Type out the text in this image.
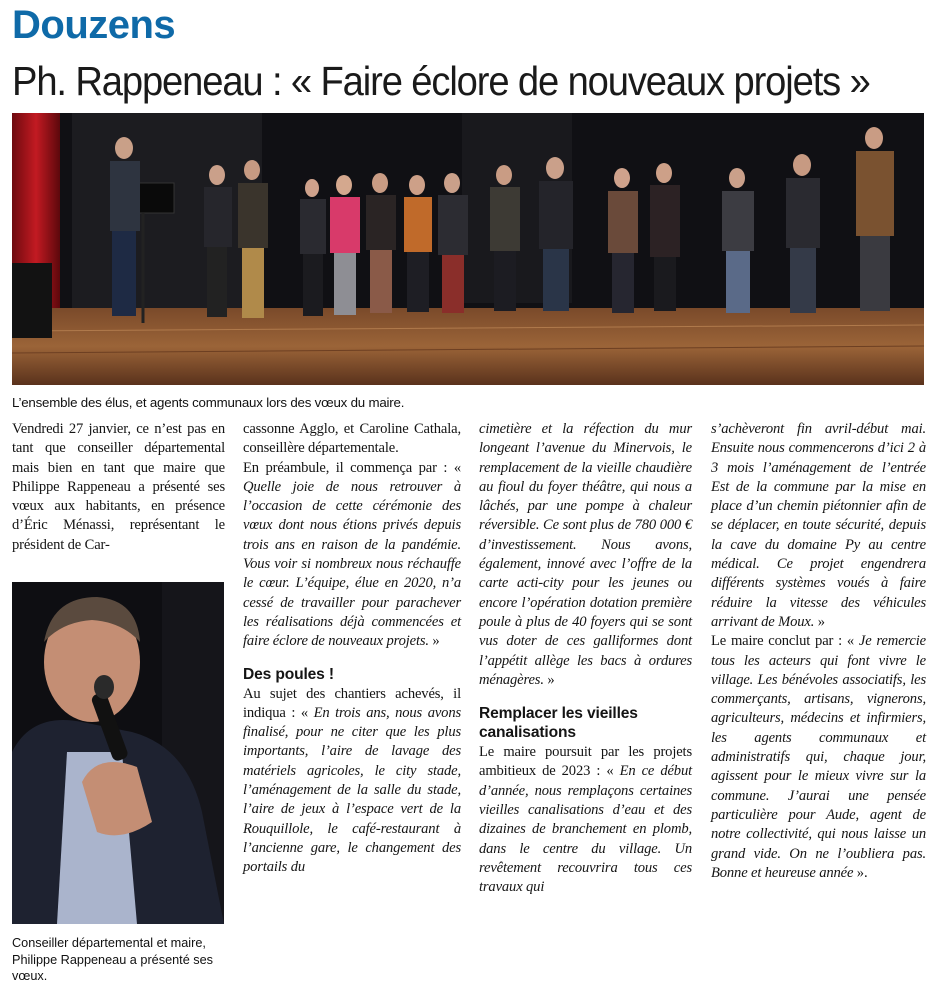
Douzens
Ph. Rappeneau : « Faire éclore de nouveaux projets »
L’ensemble des élus, et agents communaux lors des vœux du maire.

Vendredi 27 janvier, ce n’est pas en tant que conseiller départemental mais bien en tant que maire que Philippe Rappeneau a présenté ses vœux aux habitants, en présence d’Éric Ménassi, représentant le président de Car-

Conseiller départemental et maire, Philippe Rappeneau a présenté ses vœux.

cassonne Agglo, et Caroline Cathala, conseillère départementale.

En préambule, il commença par : « Quelle joie de nous retrouver à l’occasion de cette cérémonie des vœux dont nous étions privés depuis trois ans en raison de la pandémie. Vous voir si nombreux nous réchauffe le cœur. L’équipe, élue en 2020, n’a cessé de travailler pour parachever les réalisations déjà commencées et faire éclore de nouveaux projets. »

Des poules !

Au sujet des chantiers achevés, il indiqua : « En trois ans, nous avons finalisé, pour ne citer que les plus importants, l’aire de lavage des matériels agricoles, le city stade, l’aménagement de la salle du stade, l’aire de jeux à l’espace vert de la Rouquillole, le café-restaurant à l’ancienne gare, le changement des portails du

cimetière et la réfection du mur longeant l’avenue du Minervois, le remplacement de la vieille chaudière au fioul du foyer théâtre, qui nous a lâchés, par une pompe à chaleur réversible. Ce sont plus de 780 000 € d’investissement. Nous avons, également, innové avec l’offre de la carte acti-city pour les jeunes ou encore l’opération dotation première poule à plus de 40 foyers qui se sont vus doter de ces galliformes dont l’appétit allège les bacs à ordures ménagères. »

Remplacer les vieilles canalisations

Le maire poursuit par les projets ambitieux de 2023 : « En ce début d’année, nous remplaçons certaines vieilles canalisations d’eau et des dizaines de branchement en plomb, dans le centre du village. Un revêtement recouvrira tous ces travaux qui

s’achèveront fin avril-début mai. Ensuite nous commencerons d’ici 2 à 3 mois l’aménagement de l’entrée Est de la commune par la mise en place d’un chemin piétonnier afin de se déplacer, en toute sécurité, depuis la cave du domaine Py au centre médical. Ce projet engendrera différents systèmes voués à faire réduire la vitesse des véhicules arrivant de Moux. »

Le maire conclut par : « Je remercie tous les acteurs qui font vivre le village. Les bénévoles associatifs, les commerçants, artisans, vignerons, agriculteurs, médecins et infirmiers, les agents communaux et administratifs qui, chaque jour, agissent pour le mieux vivre sur la commune. J’aurai une pensée particulière pour Aude, agent de notre collectivité, qui nous laisse un grand vide. On ne l’oubliera pas. Bonne et heureuse année ».
